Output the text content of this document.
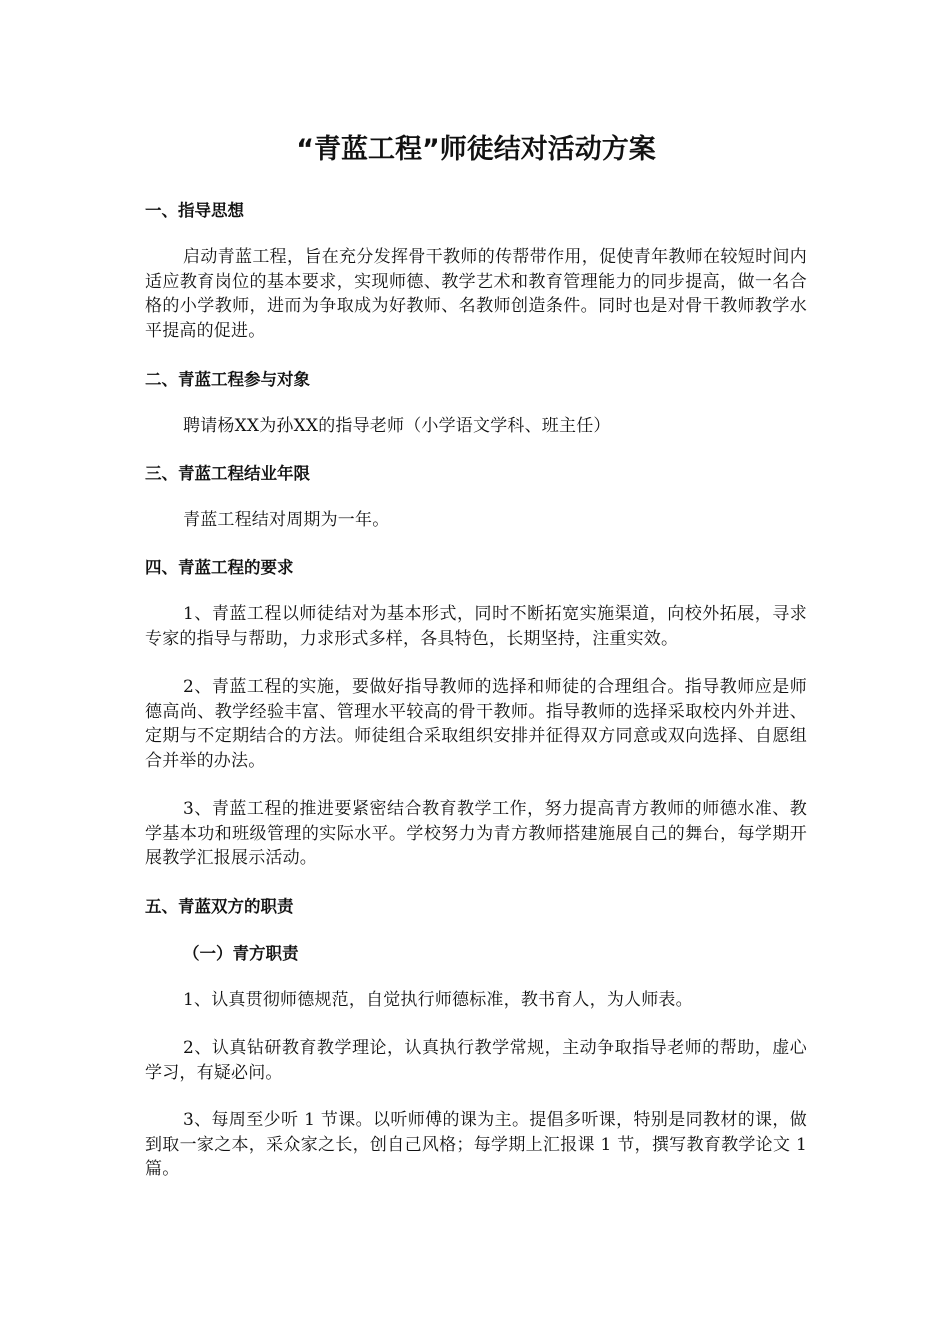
“青蓝工程”师徒结对活动方案
一、指导思想

启动青蓝工程，旨在充分发挥骨干教师的传帮带作用，促使青年教师在较短时间内适应教育岗位的基本要求，实现师德、教学艺术和教育管理能力的同步提高，做一名合格的小学教师，进而为争取成为好教师、名教师创造条件。同时也是对骨干教师教学水平提高的促进。

二、青蓝工程参与对象

聘请杨XX为孙XX的指导老师（小学语文学科、班主任）

三、青蓝工程结业年限

青蓝工程结对周期为一年。

四、青蓝工程的要求

1、青蓝工程以师徒结对为基本形式，同时不断拓宽实施渠道，向校外拓展，寻求专家的指导与帮助，力求形式多样，各具特色，长期坚持，注重实效。

2、青蓝工程的实施，要做好指导教师的选择和师徒的合理组合。指导教师应是师德高尚、教学经验丰富、管理水平较高的骨干教师。指导教师的选择采取校内外并进、定期与不定期结合的方法。师徒组合采取组织安排并征得双方同意或双向选择、自愿组合并举的办法。

3、青蓝工程的推进要紧密结合教育教学工作，努力提高青方教师的师德水准、教学基本功和班级管理的实际水平。学校努力为青方教师搭建施展自己的舞台，每学期开展教学汇报展示活动。

五、青蓝双方的职责
（一）青方职责

1、认真贯彻师德规范，自觉执行师德标准，教书育人，为人师表。

2、认真钻研教育教学理论，认真执行教学常规，主动争取指导老师的帮助，虚心学习，有疑必问。

3、每周至少听 1 节课。以听师傅的课为主。提倡多听课，特别是同教材的课，做到取一家之本，采众家之长，创自己风格；每学期上汇报课 1 节，撰写教育教学论文 1 篇。
